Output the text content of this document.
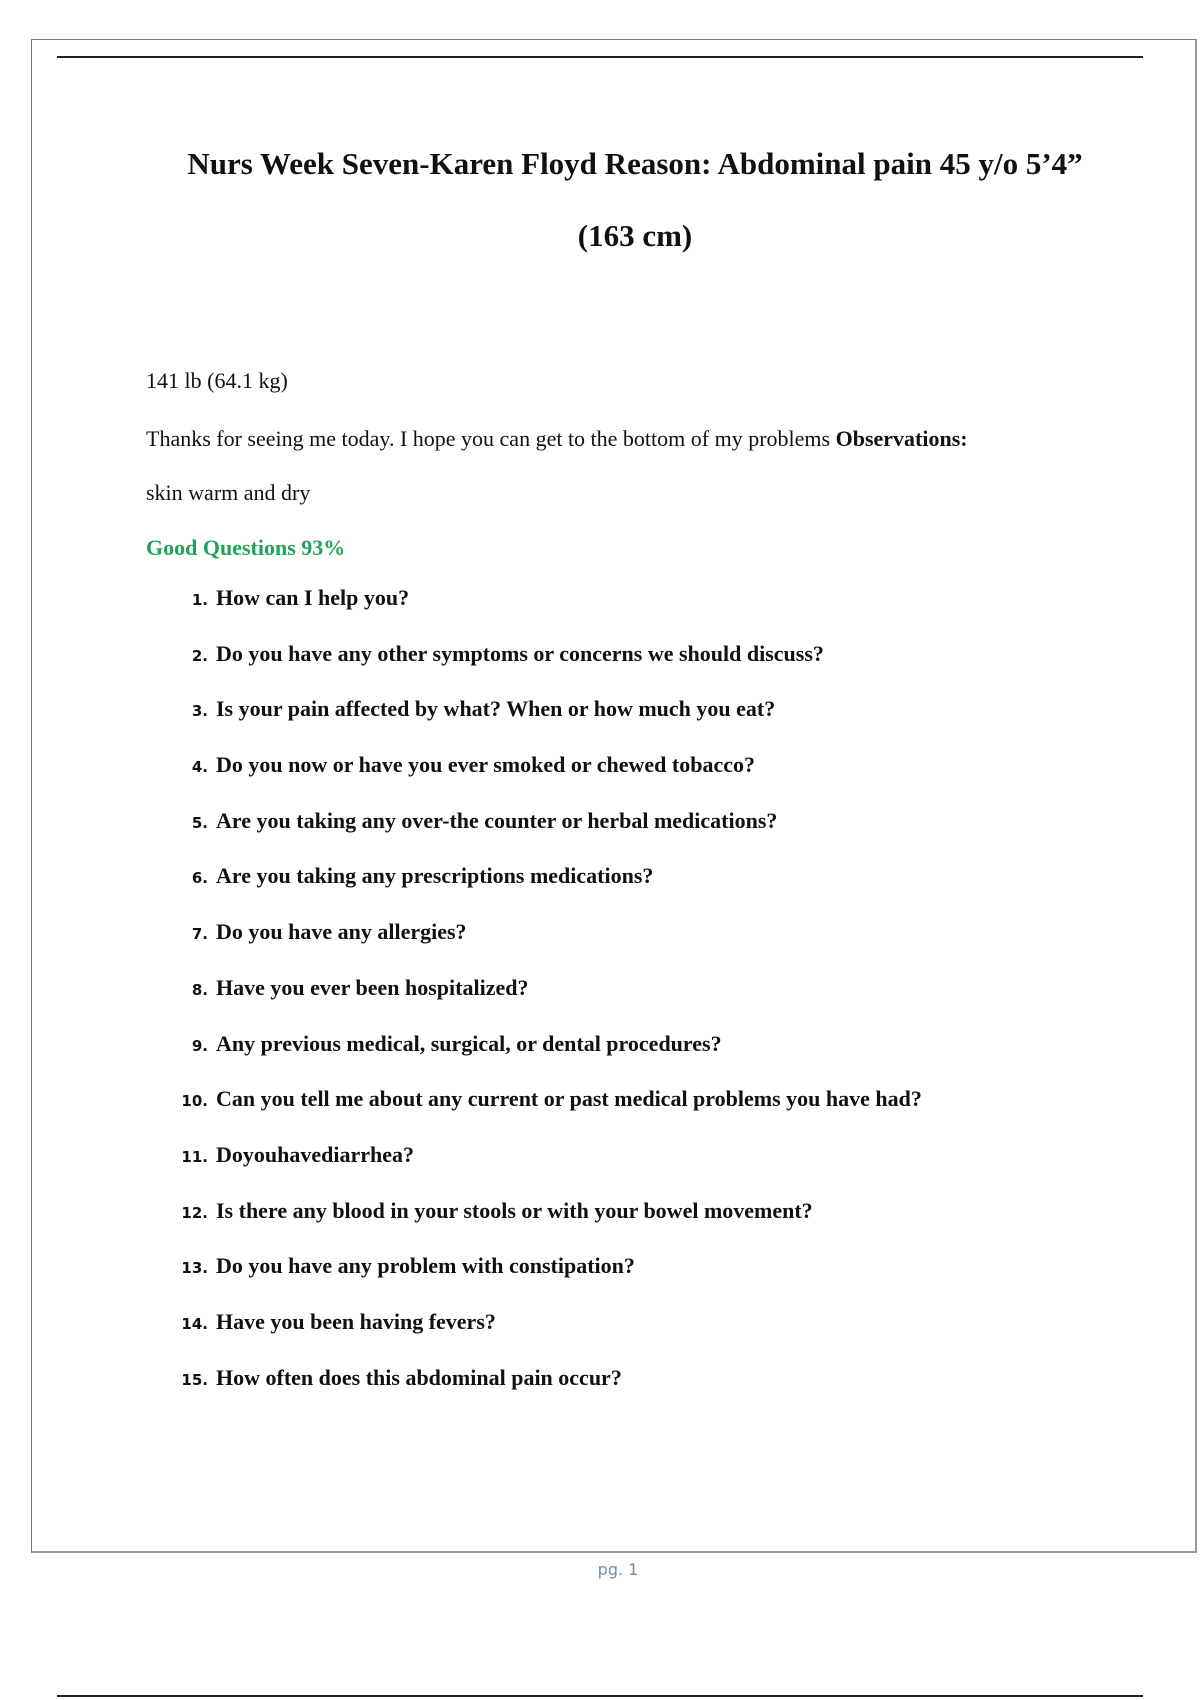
Nurs Week Seven-Karen Floyd Reason: Abdominal pain 45 y/o 5’4”
(163 cm)

141 lb (64.1 kg)

Thanks for seeing me today. I hope you can get to the bottom of my problems Observations:

skin warm and dry

Good Questions 93%

1. How can I help you?
2. Do you have any other symptoms or concerns we should discuss?
3. Is your pain affected by what? When or how much you eat?
4. Do you now or have you ever smoked or chewed tobacco?
5. Are you taking any over-the counter or herbal medications?
6. Are you taking any prescriptions medications?
7. Do you have any allergies?
8. Have you ever been hospitalized?
9. Any previous medical, surgical, or dental procedures?
10. Can you tell me about any current or past medical problems you have had?
11. Doyouhavediarrhea?
12. Is there any blood in your stools or with your bowel movement?
13. Do you have any problem with constipation?
14. Have you been having fevers?
15. How often does this abdominal pain occur?
pg. 1
